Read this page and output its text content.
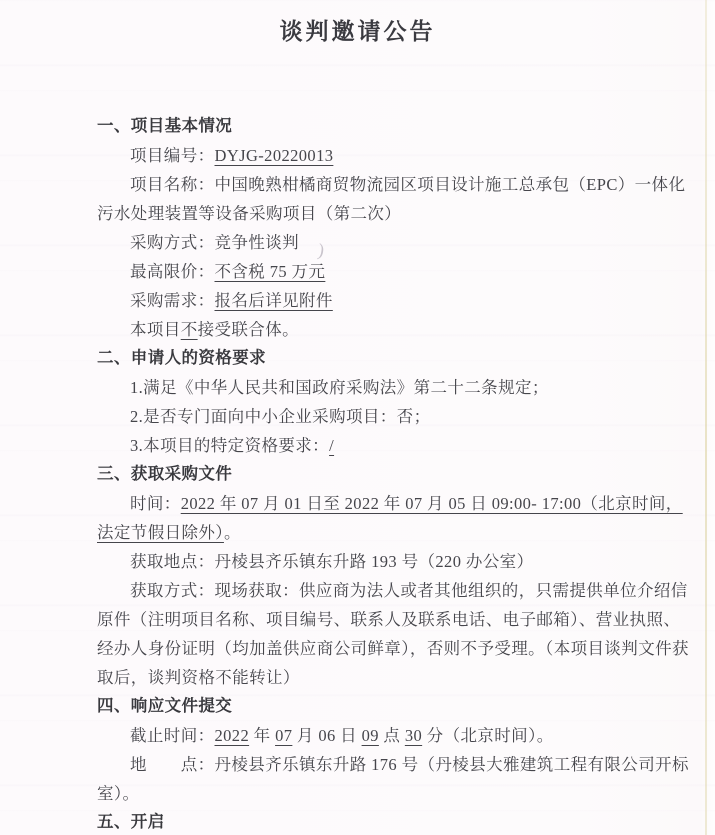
谈判邀请公告
一、项目基本情况
项目编号：DYJG-20220013
项目名称：中国晚熟柑橘商贸物流园区项目设计施工总承包（EPC）一体化
污水处理装置等设备采购项目（第二次）
采购方式：竞争性谈判
最高限价：不含税 75 万元
采购需求：报名后详见附件
本项目不接受联合体。
二、申请人的资格要求
1.满足《中华人民共和国政府采购法》第二十二条规定；
2.是否专门面向中小企业采购项目：否；
3.本项目的特定资格要求：/
三、获取采购文件
时间：2022 年 07 月 01 日至 2022 年 07 月 05 日 09:00- 17:00（北京时间，
法定节假日除外）。
获取地点：丹棱县齐乐镇东升路 193 号（220 办公室）
获取方式：现场获取：供应商为法人或者其他组织的，只需提供单位介绍信
原件（注明项目名称、项目编号、联系人及联系电话、电子邮箱）、营业执照、
经办人身份证明（均加盖供应商公司鲜章），否则不予受理。（本项目谈判文件获
取后，谈判资格不能转让）
四、响应文件提交
截止时间：2022 年 07 月 06 日 09 点 30 分（北京时间）。
地　　点：丹棱县齐乐镇东升路 176 号（丹棱县大雅建筑工程有限公司开标
室）。
五、开启
)
